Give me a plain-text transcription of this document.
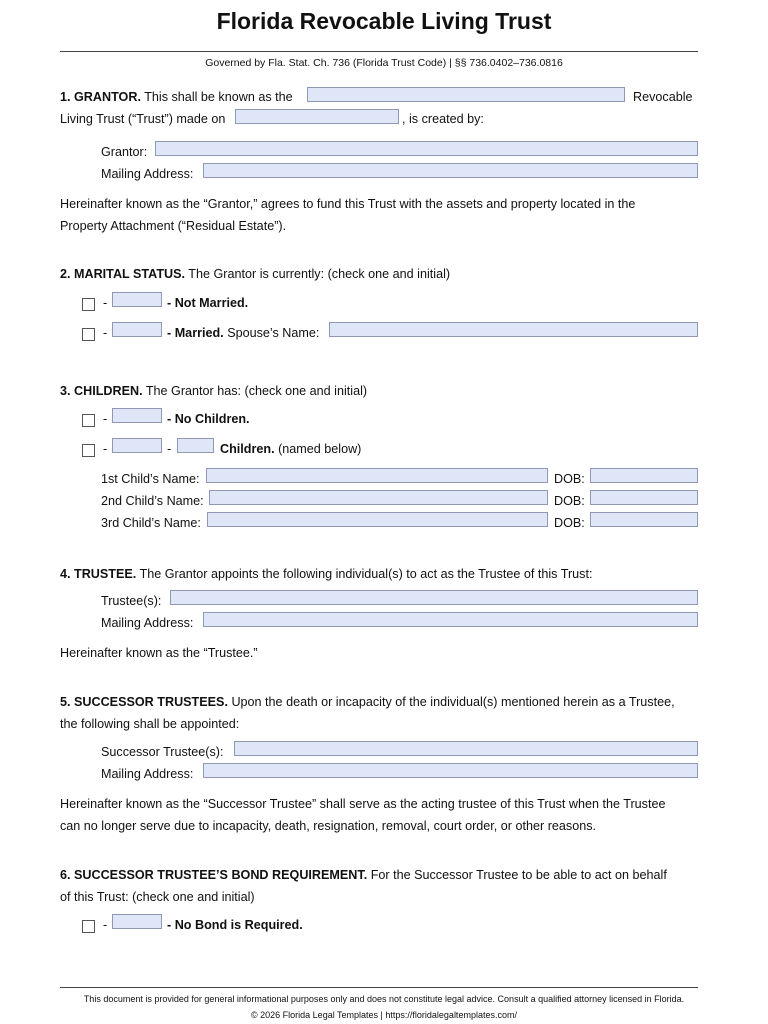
Florida Revocable Living Trust
Governed by Fla. Stat. Ch. 736 (Florida Trust Code) | §§ 736.0402–736.0816
1. GRANTOR. This shall be known as the	Revocable
Living Trust (“Trust”) made on	, is created by:
Grantor:
Mailing Address:
Hereinafter known as the “Grantor,” agrees to fund this Trust with the assets and property located in the
Property Attachment (“Residual Estate”).
2. MARITAL STATUS. The Grantor is currently: (check one and initial)
-	- Not Married.
-	- Married. Spouse’s Name:
3. CHILDREN. The Grantor has: (check one and initial)
-	- No Children.
-	-	Children. (named below)
1st Child’s Name:	DOB:
2nd Child’s Name:	DOB:
3rd Child’s Name:	DOB:
4. TRUSTEE. The Grantor appoints the following individual(s) to act as the Trustee of this Trust:
Trustee(s):
Mailing Address:
Hereinafter known as the “Trustee.”
5. SUCCESSOR TRUSTEES. Upon the death or incapacity of the individual(s) mentioned herein as a Trustee,
the following shall be appointed:
Successor Trustee(s):
Mailing Address:
Hereinafter known as the “Successor Trustee” shall serve as the acting trustee of this Trust when the Trustee
can no longer serve due to incapacity, death, resignation, removal, court order, or other reasons.
6. SUCCESSOR TRUSTEE’S BOND REQUIREMENT. For the Successor Trustee to be able to act on behalf
of this Trust: (check one and initial)
-	- No Bond is Required.
This document is provided for general informational purposes only and does not constitute legal advice. Consult a qualified attorney licensed in Florida.
© 2026 Florida Legal Templates | https://floridalegaltemplates.com/
